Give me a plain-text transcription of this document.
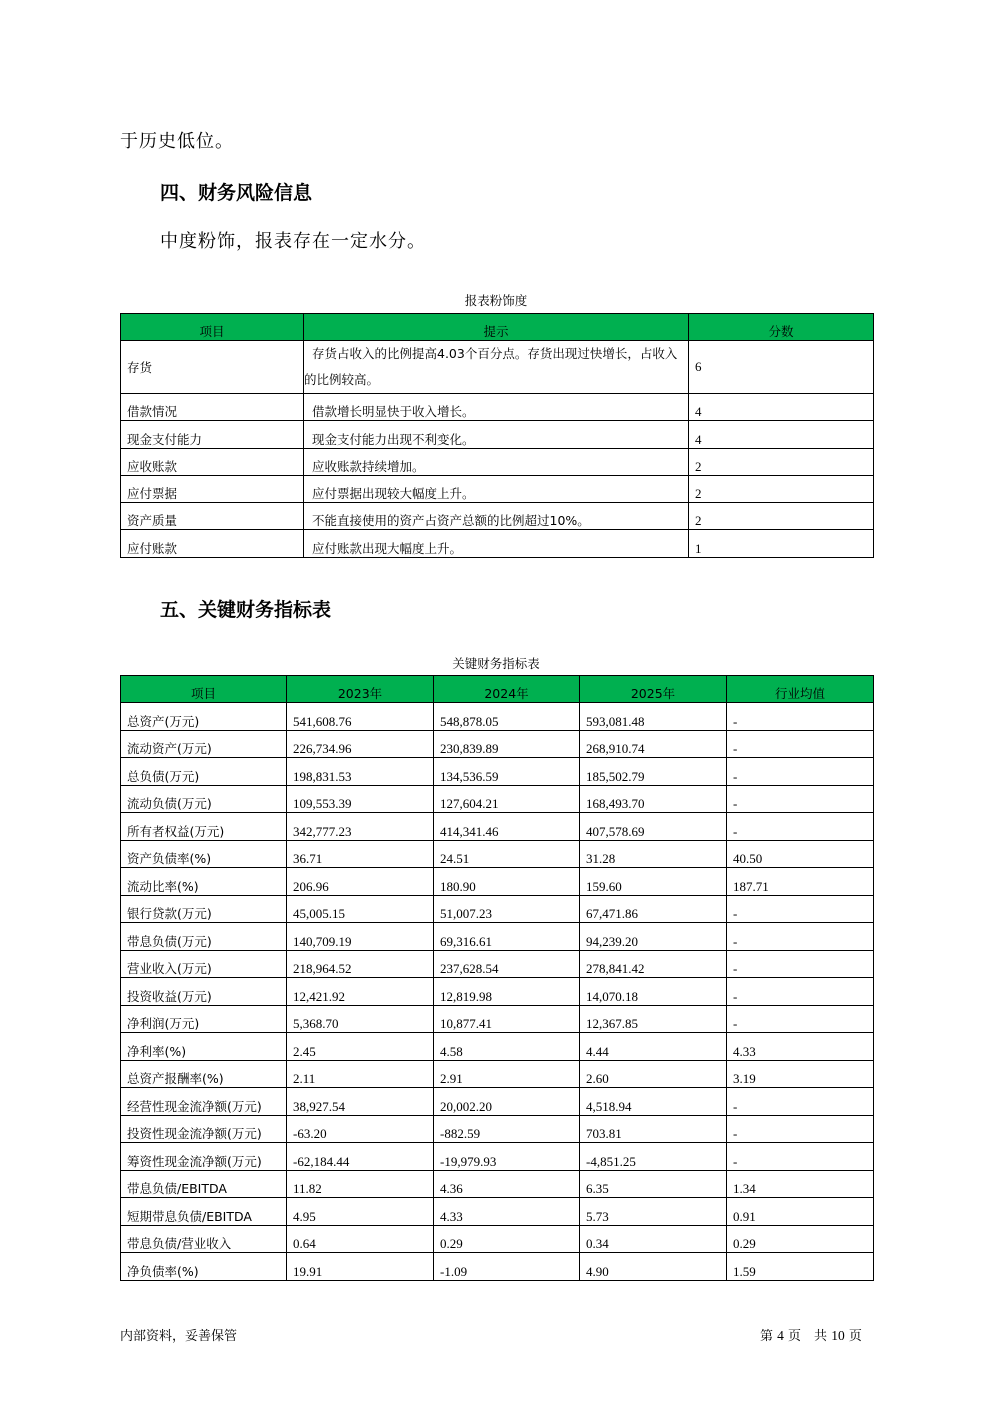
于历史低位。

四、财务风险信息

中度粉饰，报表存在一定水分。

报表粉饰度

项目	提示	分数
存货	存货占收入的比例提高4.03个百分点。存货出现过快增长，占收入的比例较高。	6
借款情况	借款增长明显快于收入增长。	4
现金支付能力	现金支付能力出现不利变化。	4
应收账款	应收账款持续增加。	2
应付票据	应付票据出现较大幅度上升。	2
资产质量	不能直接使用的资产占资产总额的比例超过10%。	2
应付账款	应付账款出现大幅度上升。	1
五、关键财务指标表

关键财务指标表

项目	2023年	2024年	2025年	行业均值
总资产(万元)	541,608.76	548,878.05	593,081.48	-
流动资产(万元)	226,734.96	230,839.89	268,910.74	-
总负债(万元)	198,831.53	134,536.59	185,502.79	-
流动负债(万元)	109,553.39	127,604.21	168,493.70	-
所有者权益(万元)	342,777.23	414,341.46	407,578.69	-
资产负债率(%)	36.71	24.51	31.28	40.50
流动比率(%)	206.96	180.90	159.60	187.71
银行贷款(万元)	45,005.15	51,007.23	67,471.86	-
带息负债(万元)	140,709.19	69,316.61	94,239.20	-
营业收入(万元)	218,964.52	237,628.54	278,841.42	-
投资收益(万元)	12,421.92	12,819.98	14,070.18	-
净利润(万元)	5,368.70	10,877.41	12,367.85	-
净利率(%)	2.45	4.58	4.44	4.33
总资产报酬率(%)	2.11	2.91	2.60	3.19
经营性现金流净额(万元)	38,927.54	20,002.20	4,518.94	-
投资性现金流净额(万元)	-63.20	-882.59	703.81	-
筹资性现金流净额(万元)	-62,184.44	-19,979.93	-4,851.25	-
带息负债/EBITDA	11.82	4.36	6.35	1.34
短期带息负债/EBITDA	4.95	4.33	5.73	0.91
带息负债/营业收入	0.64	0.29	0.34	0.29
净负债率(%)	19.91	-1.09	4.90	1.59
内部资料，妥善保管	第 4 页　共 10 页
